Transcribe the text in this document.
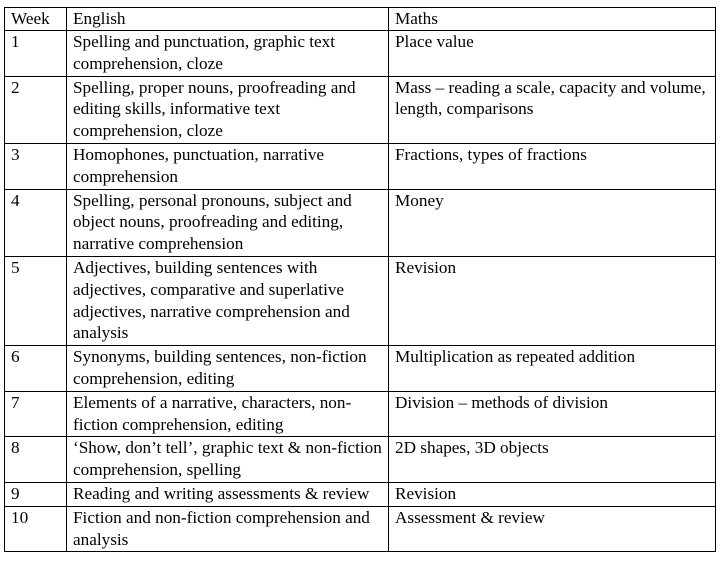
Week	English	Maths
1	Spelling and punctuation, graphic text comprehension, cloze	Place value
2	Spelling, proper nouns, proofreading and editing skills, informative text comprehension, cloze	Mass – reading a scale, capacity and volume, length, comparisons
3	Homophones, punctuation, narrative comprehension	Fractions, types of fractions
4	Spelling, personal pronouns, subject and object nouns, proofreading and editing, narrative comprehension	Money
5	Adjectives, building sentences with adjectives, comparative and superlative adjectives, narrative comprehension and analysis	Revision
6	Synonyms, building sentences, non-fiction comprehension, editing	Multiplication as repeated addition
7	Elements of a narrative, characters, non-fiction comprehension, editing	Division – methods of division
8	‘Show, don’t tell’, graphic text & non-fiction comprehension, spelling	2D shapes, 3D objects
9	Reading and writing assessments & review	Revision
10	Fiction and non-fiction comprehension and analysis	Assessment & review
